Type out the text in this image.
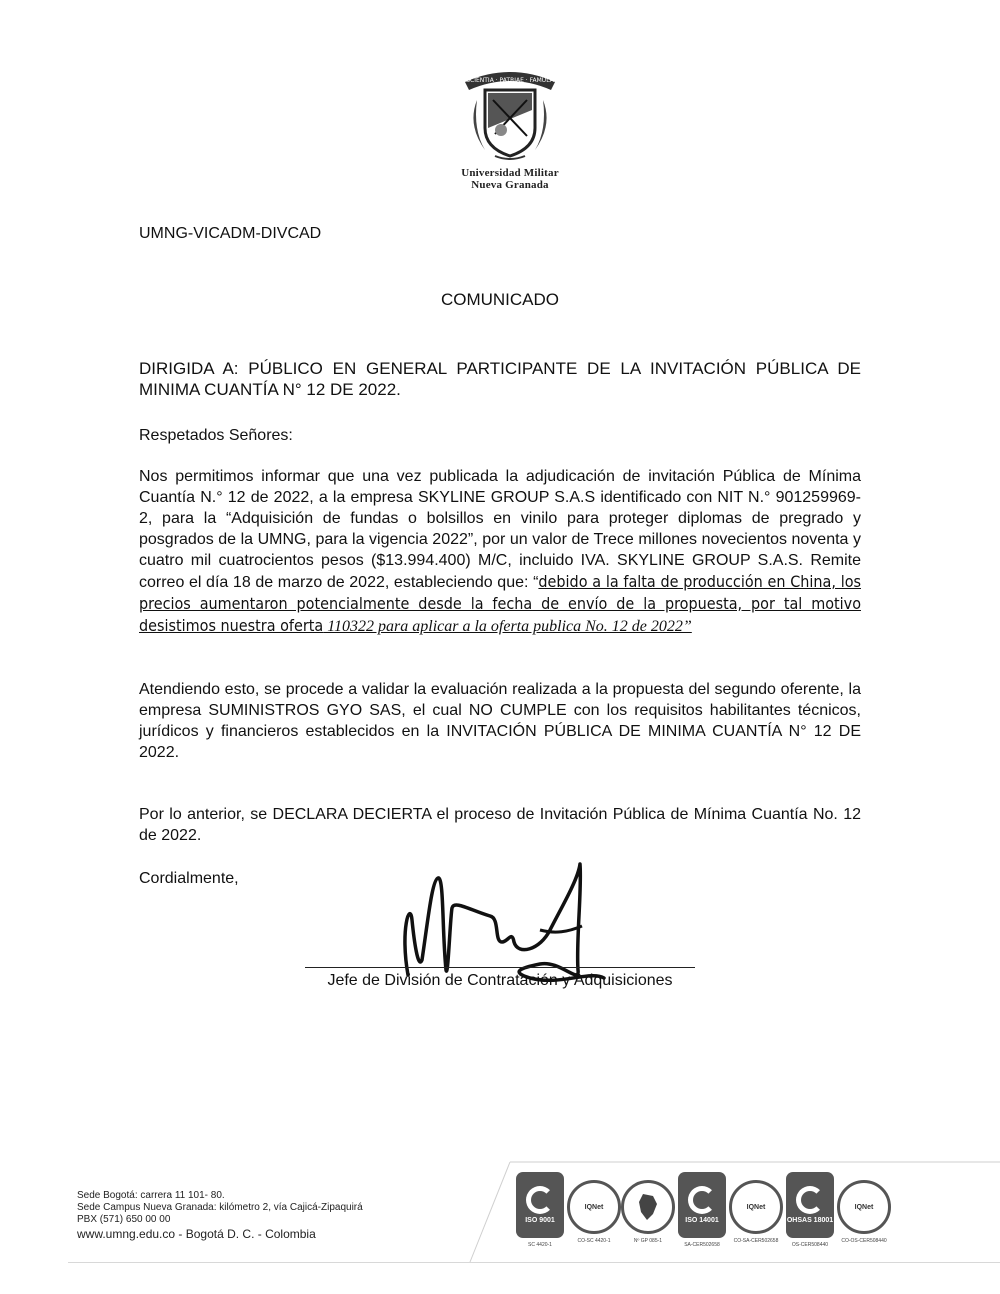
SCIENTIA · PATRIAE · FAMULA
Universidad Militar
Nueva Granada
UMNG-VICADM-DIVCAD
COMUNICADO
DIRIGIDA A: PÚBLICO EN GENERAL PARTICIPANTE DE LA INVITACIÓN PÚBLICA DE MINIMA CUANTÍA N° 12 DE 2022.
Respetados Señores:

Nos permitimos informar que una vez publicada la adjudicación de invitación Pública de Mínima Cuantía N.° 12 de 2022, a la empresa SKYLINE GROUP S.A.S identificado con NIT N.° 901259969-2, para la “Adquisición de fundas o bolsillos en vinilo para proteger diplomas de pregrado y posgrados de la UMNG, para la vigencia 2022”, por un valor de Trece millones novecientos noventa y cuatro mil cuatrocientos pesos ($13.994.400) M/C, incluido IVA. SKYLINE GROUP S.A.S. Remite correo el día 18 de marzo de 2022, estableciendo que: “debido a la falta de producción en China, los precios aumentaron potencialmente desde la fecha de envío de la propuesta, por tal motivo desistimos nuestra oferta 110322 para aplicar a la oferta publica No. 12 de 2022”

Atendiendo esto, se procede a validar la evaluación realizada a la propuesta del segundo oferente, la empresa SUMINISTROS GYO SAS, el cual NO CUMPLE con los requisitos habilitantes técnicos, jurídicos y financieros establecidos en la INVITACIÓN PÚBLICA DE MINIMA CUANTÍA N° 12 DE 2022.
Por lo anterior, se DECLARA DECIERTA el proceso de Invitación Pública de Mínima Cuantía No. 12 de 2022.
Cordialmente,
Jefe de División de Contratación y Adquisiciones
Sede Bogotá: carrera 11 101- 80.
Sede Campus Nueva Granada: kilómetro 2, vía Cajicá-Zipaquirá
PBX (571) 650 00 00
www.umng.edu.co - Bogotá D. C. - Colombia
ISO 9001
SC 4420-1
IQNet
CO-SC 4420-1	Nº GP 085-1
ISO 14001
SA-CER502658
IQNet
CO-SA-CER502658
OHSAS 18001
OS-CER508440
IQNet
CO-OS-CER508440
